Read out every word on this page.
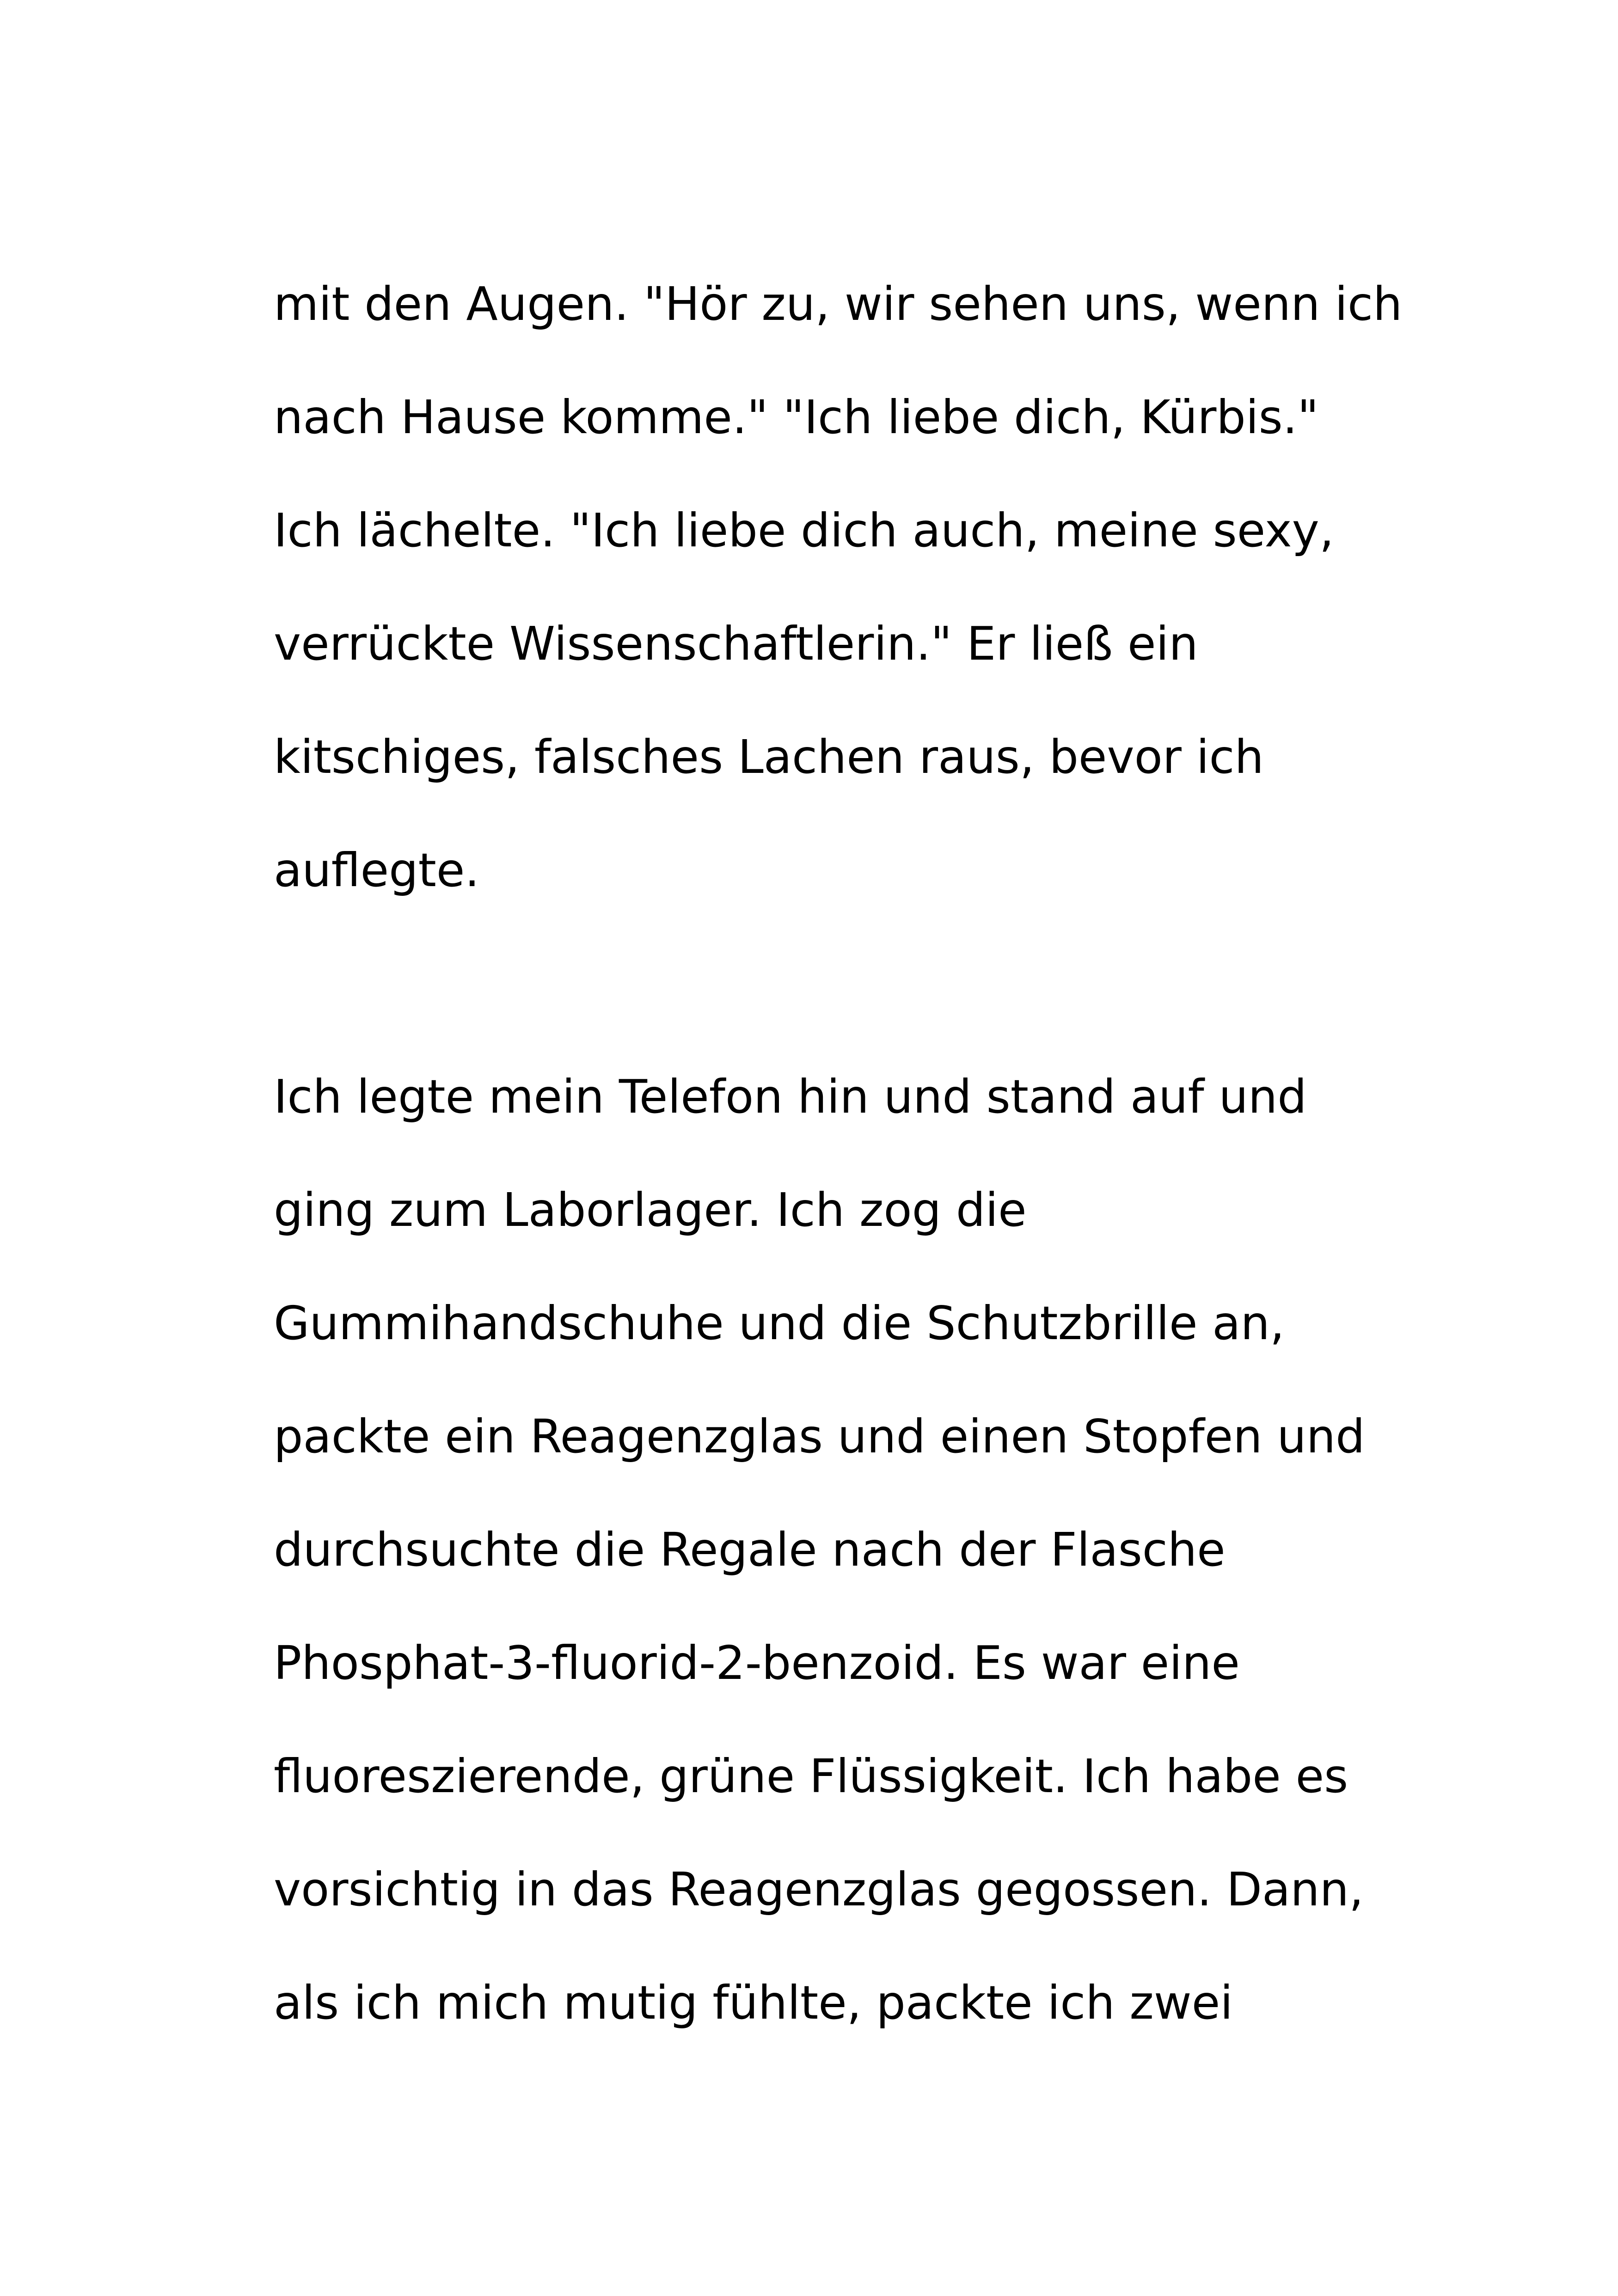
mit den Augen. "Hör zu, wir sehen uns, wenn ich
nach Hause komme." "Ich liebe dich, Kürbis."
Ich lächelte. "Ich liebe dich auch, meine sexy,
verrückte Wissenschaftlerin." Er ließ ein
kitschiges, falsches Lachen raus, bevor ich
auflegte.
Ich legte mein Telefon hin und stand auf und
ging zum Laborlager. Ich zog die
Gummihandschuhe und die Schutzbrille an,
packte ein Reagenzglas und einen Stopfen und
durchsuchte die Regale nach der Flasche
Phosphat-3-fluorid-2-benzoid. Es war eine
fluoreszierende, grüne Flüssigkeit. Ich habe es
vorsichtig in das Reagenzglas gegossen. Dann,
als ich mich mutig fühlte, packte ich zwei
